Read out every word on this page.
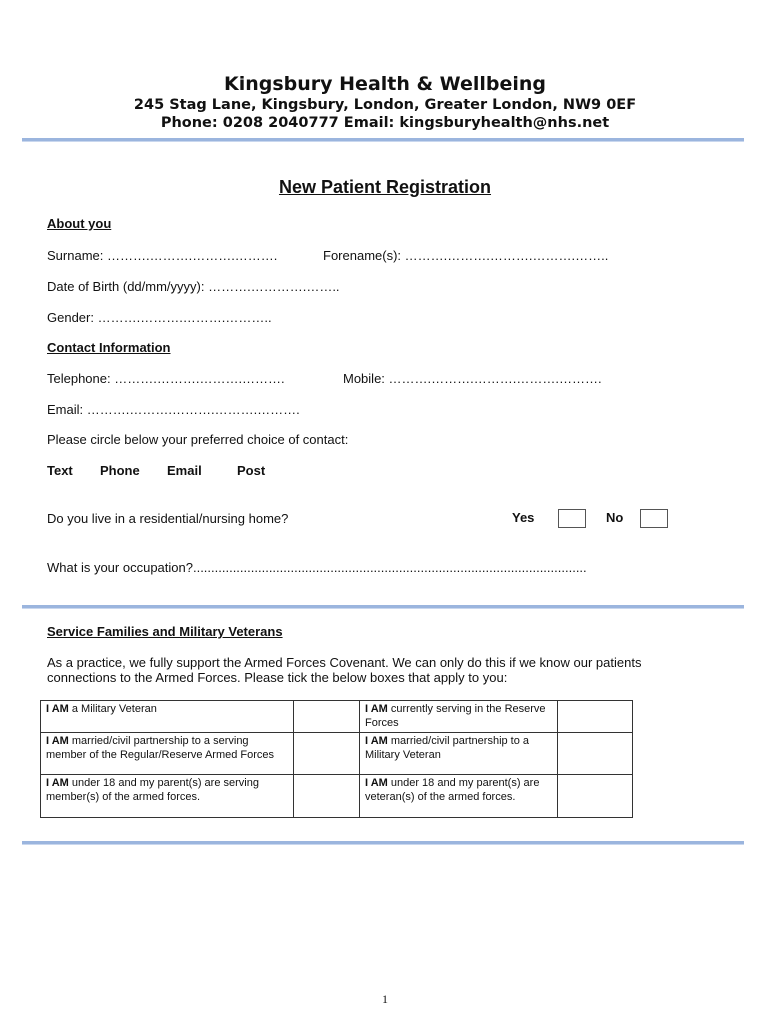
Kingsbury Health & Wellbeing
245 Stag Lane, Kingsbury, London, Greater London, NW9 0EF
Phone: 0208 2040777 Email: kingsburyhealth@nhs.net
New Patient Registration
About you
Surname: ……….……….……….……….	Forename(s): ……….……….……….……….……..
Date of Birth (dd/mm/yyyy): ……….………….……..
Gender: ……….……….……….………..
Contact Information
Telephone: ……….……….……….……….	Mobile: ……….……….……….……….……….
Email: ……….……….……….……….……….
Please circle below your preferred choice of contact:
Text Phone Email	Post
Do you live in a residential/nursing home?	Yes	No
What is your occupation?.............................................................................................................
Service Families and Military Veterans
As a practice, we fully support the Armed Forces Covenant. We can only do this if we know our patients
connections to the Armed Forces. Please tick the below boxes that apply to you:
I AM a Military Veteran		I AM currently serving in the Reserve Forces	
I AM married/civil partnership to a serving member of the Regular/Reserve Armed Forces		I AM married/civil partnership to a Military Veteran	
I AM under 18 and my parent(s) are serving member(s) of the armed forces.		I AM under 18 and my parent(s) are veteran(s) of the armed forces.	
1
